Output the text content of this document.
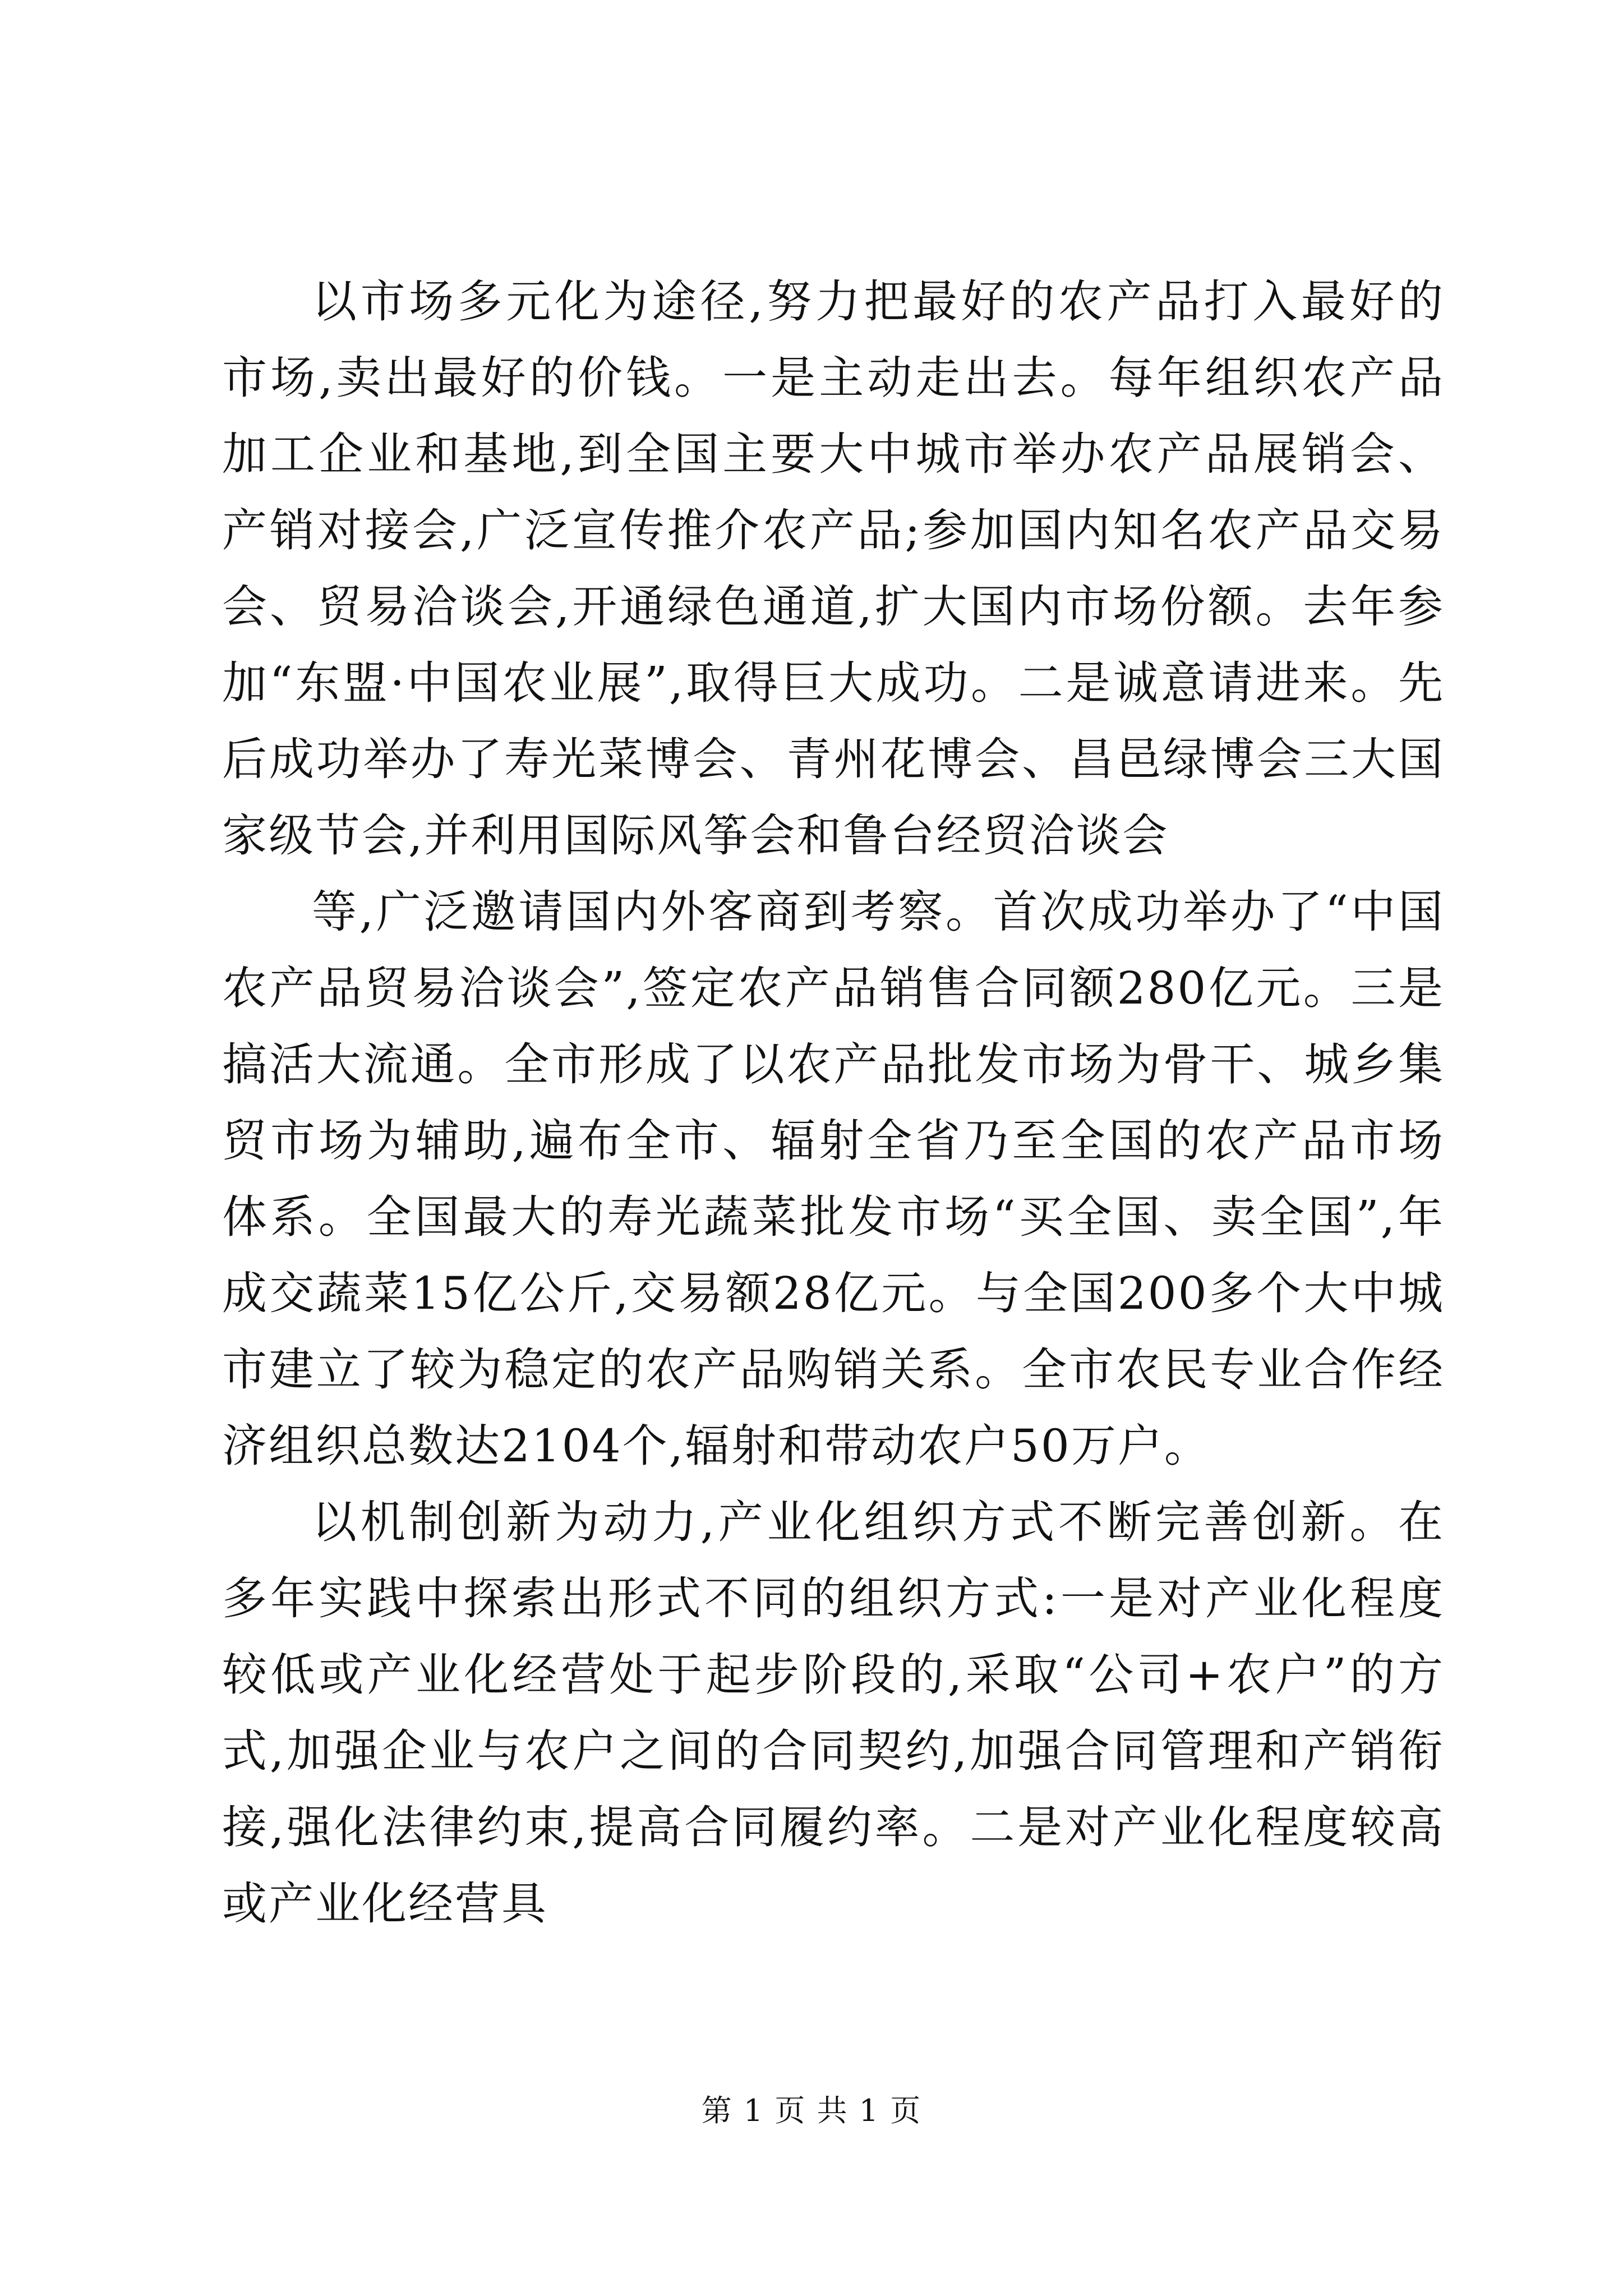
以市场多元化为途径,努力把最好的农产品打入最好的市场,卖出最好的价钱。一是主动走出去。每年组织农产品加工企业和基地,到全国主要大中城市举办农产品展销会、产销对接会,广泛宣传推介农产品;参加国内知名农产品交易会、贸易洽谈会,开通绿色通道,扩大国内市场份额。去年参加“东盟·中国农业展”,取得巨大成功。二是诚意请进来。先后成功举办了寿光菜博会、青州花博会、昌邑绿博会三大国家级节会,并利用国际风筝会和鲁台经贸洽谈会

等,广泛邀请国内外客商到考察。首次成功举办了“中国农产品贸易洽谈会”,签定农产品销售合同额280亿元。三是搞活大流通。全市形成了以农产品批发市场为骨干、城乡集贸市场为辅助,遍布全市、辐射全省乃至全国的农产品市场体系。全国最大的寿光蔬菜批发市场“买全国、卖全国”,年成交蔬菜15亿公斤,交易额28亿元。与全国200多个大中城市建立了较为稳定的农产品购销关系。全市农民专业合作经济组织总数达2104个,辐射和带动农户50万户。

以机制创新为动力,产业化组织方式不断完善创新。在多年实践中探索出形式不同的组织方式:一是对产业化程度较低或产业化经营处于起步阶段的,采取“公司+农户”的方式,加强企业与农户之间的合同契约,加强合同管理和产销衔接,强化法律约束,提高合同履约率。二是对产业化程度较高或产业化经营具

第 1 页 共 1 页
